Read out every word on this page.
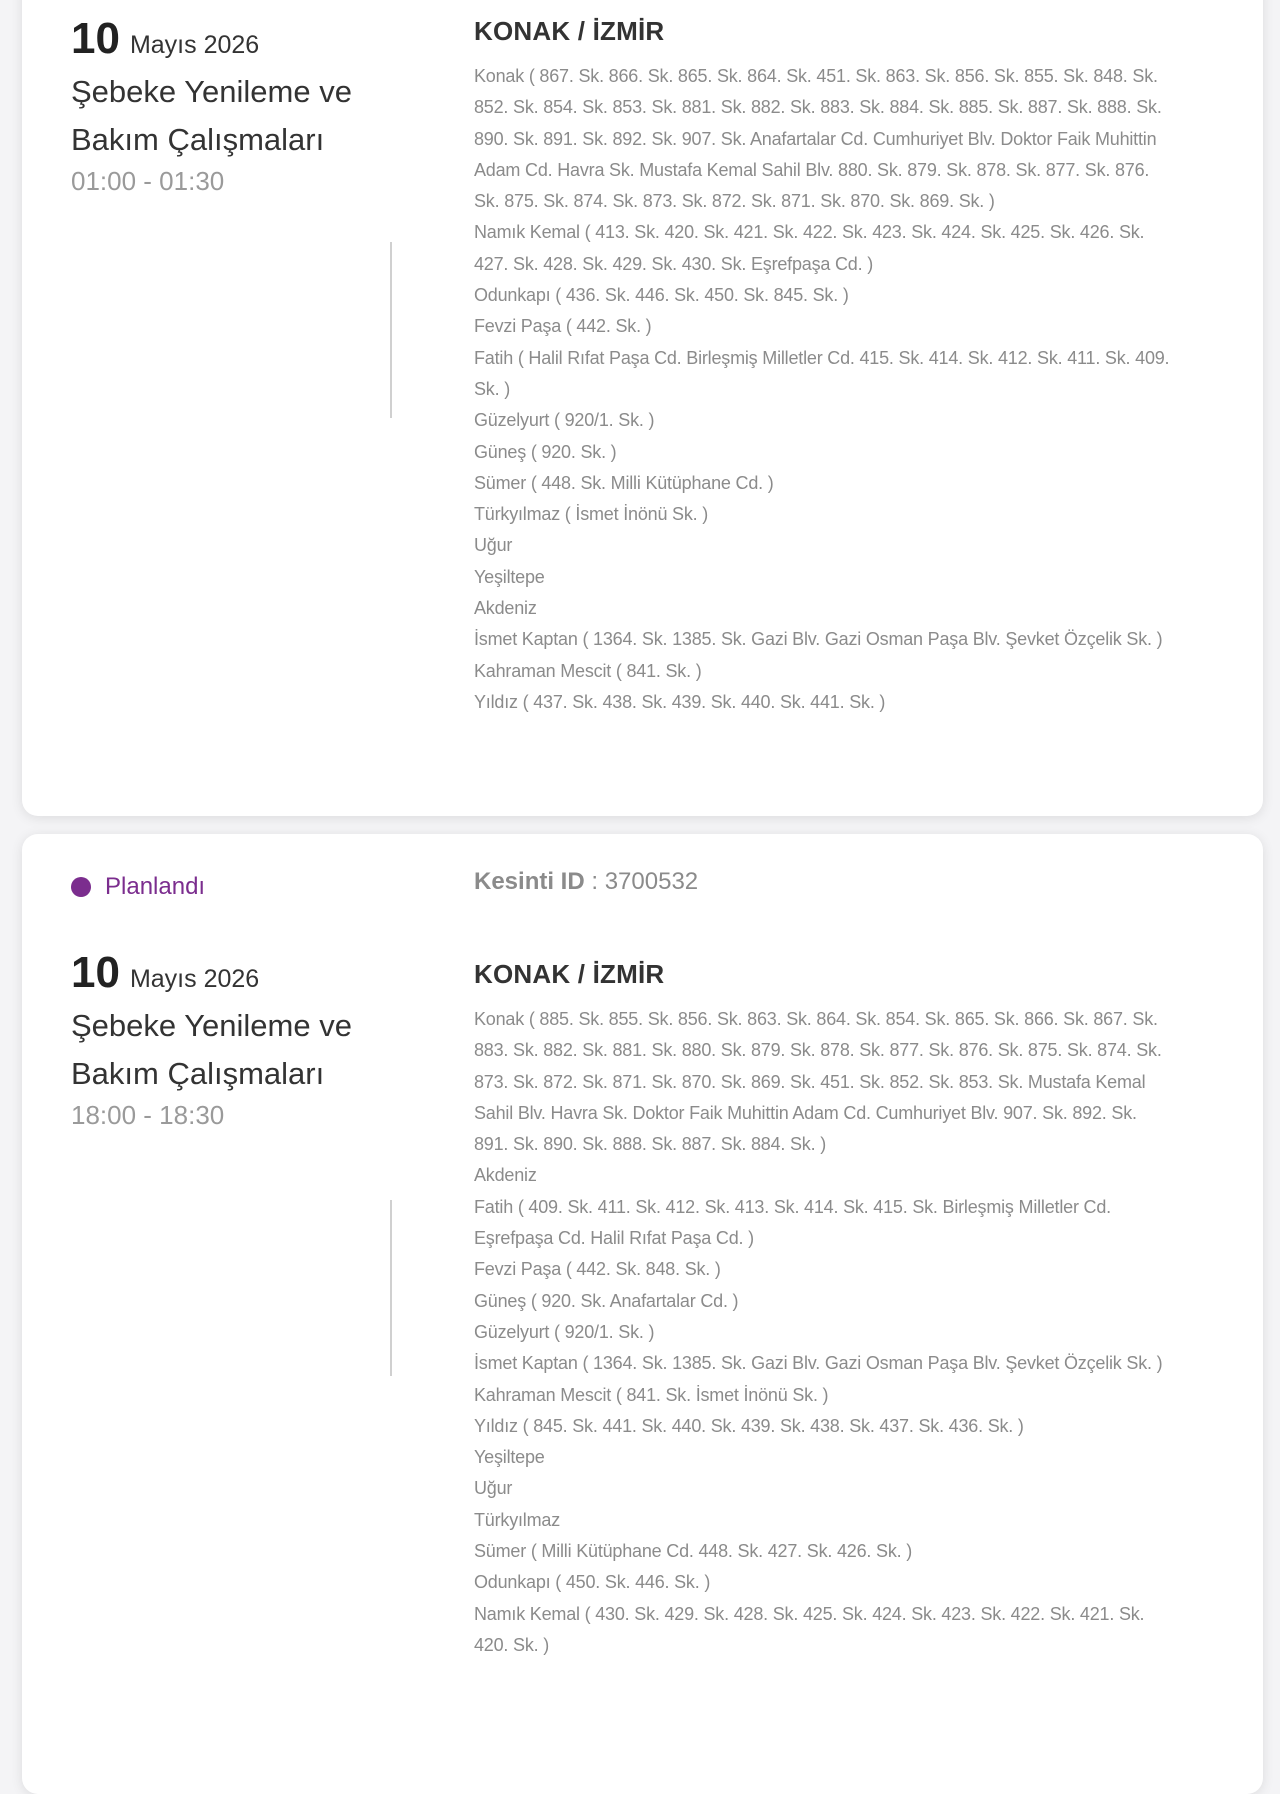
10 Mayıs 2026
Şebeke Yenileme ve Bakım Çalışmaları
01:00 - 01:30
KONAK / İZMİR
Konak ( 867. Sk. 866. Sk. 865. Sk. 864. Sk. 451. Sk. 863. Sk. 856. Sk. 855. Sk. 848. Sk. 852. Sk. 854. Sk. 853. Sk. 881. Sk. 882. Sk. 883. Sk. 884. Sk. 885. Sk. 887. Sk. 888. Sk. 890. Sk. 891. Sk. 892. Sk. 907. Sk. Anafartalar Cd. Cumhuriyet Blv. Doktor Faik Muhittin Adam Cd. Havra Sk. Mustafa Kemal Sahil Blv. 880. Sk. 879. Sk. 878. Sk. 877. Sk. 876. Sk. 875. Sk. 874. Sk. 873. Sk. 872. Sk. 871. Sk. 870. Sk. 869. Sk. )
Namık Kemal ( 413. Sk. 420. Sk. 421. Sk. 422. Sk. 423. Sk. 424. Sk. 425. Sk. 426. Sk. 427. Sk. 428. Sk. 429. Sk. 430. Sk. Eşrefpaşa Cd. )
Odunkapı ( 436. Sk. 446. Sk. 450. Sk. 845. Sk. )
Fevzi Paşa ( 442. Sk. )
Fatih ( Halil Rıfat Paşa Cd. Birleşmiş Milletler Cd. 415. Sk. 414. Sk. 412. Sk. 411. Sk. 409. Sk. )
Güzelyurt ( 920/1. Sk. )
Güneş ( 920. Sk. )
Sümer ( 448. Sk. Milli Kütüphane Cd. )
Türkyılmaz ( İsmet İnönü Sk. )
Uğur
Yeşiltepe
Akdeniz
İsmet Kaptan ( 1364. Sk. 1385. Sk. Gazi Blv. Gazi Osman Paşa Blv. Şevket Özçelik Sk. )
Kahraman Mescit ( 841. Sk. )
Yıldız ( 437. Sk. 438. Sk. 439. Sk. 440. Sk. 441. Sk. )
Planlandı	Kesinti ID : 3700532
10 Mayıs 2026
Şebeke Yenileme ve Bakım Çalışmaları
18:00 - 18:30
KONAK / İZMİR
Konak ( 885. Sk. 855. Sk. 856. Sk. 863. Sk. 864. Sk. 854. Sk. 865. Sk. 866. Sk. 867. Sk. 883. Sk. 882. Sk. 881. Sk. 880. Sk. 879. Sk. 878. Sk. 877. Sk. 876. Sk. 875. Sk. 874. Sk. 873. Sk. 872. Sk. 871. Sk. 870. Sk. 869. Sk. 451. Sk. 852. Sk. 853. Sk. Mustafa Kemal Sahil Blv. Havra Sk. Doktor Faik Muhittin Adam Cd. Cumhuriyet Blv. 907. Sk. 892. Sk. 891. Sk. 890. Sk. 888. Sk. 887. Sk. 884. Sk. )
Akdeniz
Fatih ( 409. Sk. 411. Sk. 412. Sk. 413. Sk. 414. Sk. 415. Sk. Birleşmiş Milletler Cd. Eşrefpaşa Cd. Halil Rıfat Paşa Cd. )
Fevzi Paşa ( 442. Sk. 848. Sk. )
Güneş ( 920. Sk. Anafartalar Cd. )
Güzelyurt ( 920/1. Sk. )
İsmet Kaptan ( 1364. Sk. 1385. Sk. Gazi Blv. Gazi Osman Paşa Blv. Şevket Özçelik Sk. )
Kahraman Mescit ( 841. Sk. İsmet İnönü Sk. )
Yıldız ( 845. Sk. 441. Sk. 440. Sk. 439. Sk. 438. Sk. 437. Sk. 436. Sk. )
Yeşiltepe
Uğur
Türkyılmaz
Sümer ( Milli Kütüphane Cd. 448. Sk. 427. Sk. 426. Sk. )
Odunkapı ( 450. Sk. 446. Sk. )
Namık Kemal ( 430. Sk. 429. Sk. 428. Sk. 425. Sk. 424. Sk. 423. Sk. 422. Sk. 421. Sk. 420. Sk. )
